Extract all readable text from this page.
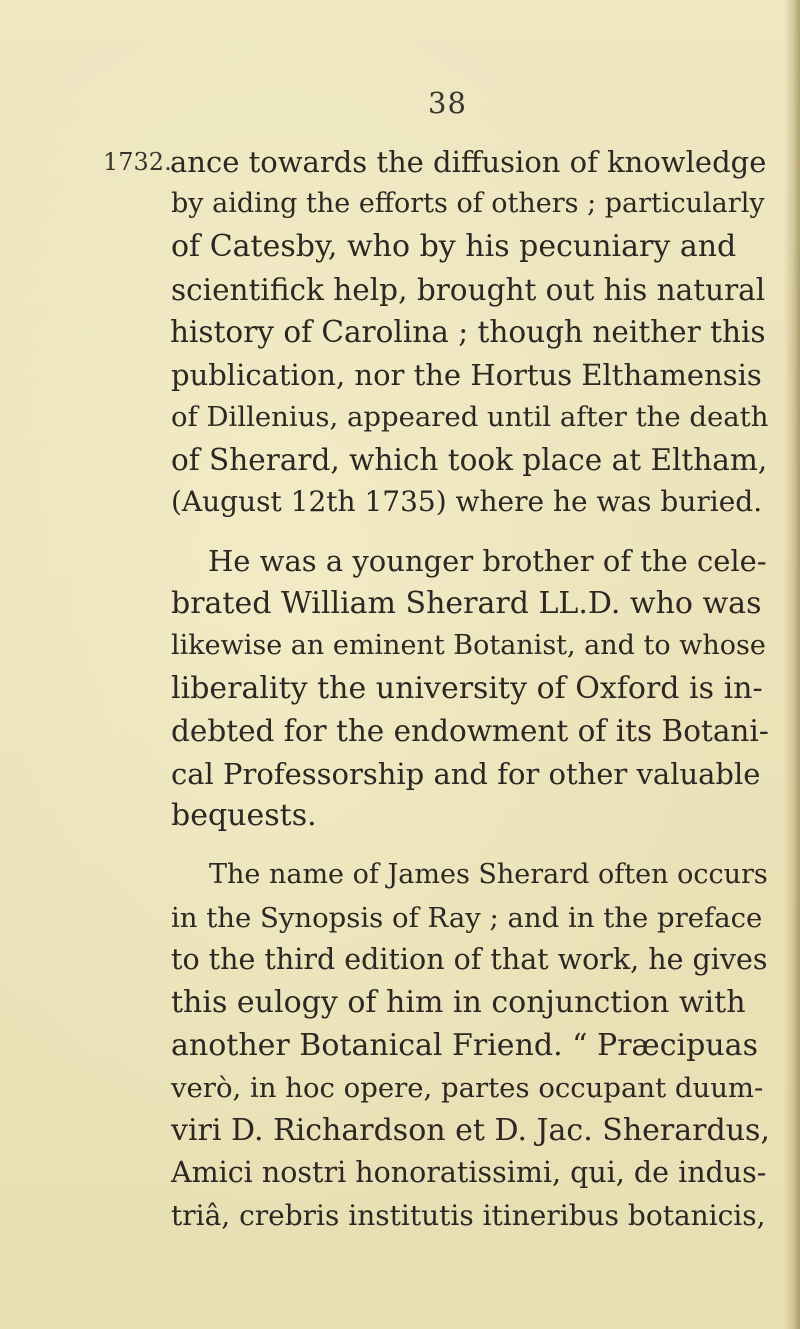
38
1732.
ance towards the diffusion of knowledge
by aiding the efforts of others ; particularly
of Catesby, who by his pecuniary and
scientifick help, brought out his natural
history of Carolina ; though neither this
publication, nor the Hortus Elthamensis
of Dillenius, appeared until after the death
of Sherard, which took place at Eltham,
(August 12th 1735) where he was buried.
He was a younger brother of the cele-
brated William Sherard LL.D. who was
likewise an eminent Botanist, and to whose
liberality the university of Oxford is in-
debted for the endowment of its Botani-
cal Professorship and for other valuable
bequests.
The name of James Sherard often occurs
in the Synopsis of Ray ; and in the preface
to the third edition of that work, he gives
this eulogy of him in conjunction with
another Botanical Friend. “ Præcipuas
verò, in hoc opere, partes occupant duum-
viri D. Richardson et D. Jac. Sherardus,
Amici nostri honoratissimi, qui, de indus-
triâ, crebris institutis itineribus botanicis,
